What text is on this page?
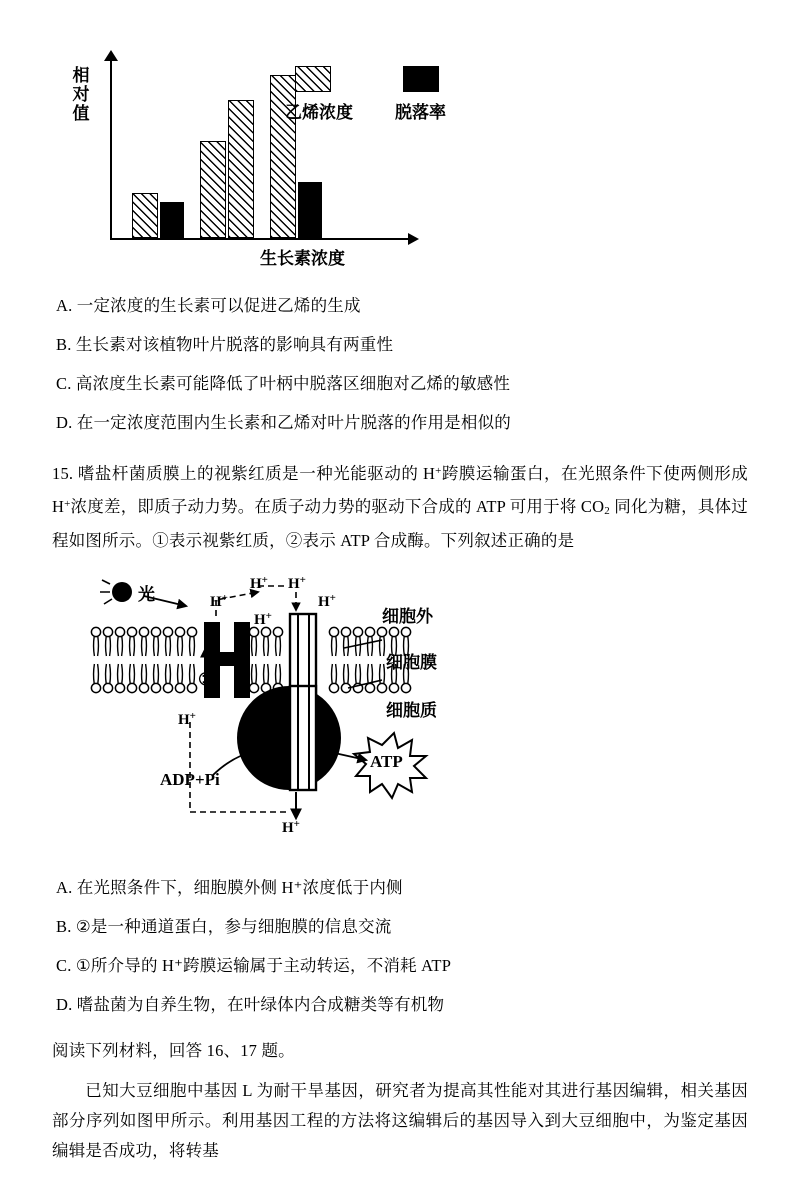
相对值
生长素浓度
乙烯浓度 脱落率
A. 一定浓度的生长素可以促进乙烯的生成
B. 生长素对该植物叶片脱落的影响具有两重性
C. 高浓度生长素可能降低了叶柄中脱落区细胞对乙烯的敏感性
D. 在一定浓度范围内生长素和乙烯对叶片脱落的作用是相似的
15. 嗜盐杆菌质膜上的视紫红质是一种光能驱动的 H+跨膜运输蛋白，在光照条件下使两侧形成 H+浓度差，即质子动力势。在质子动力势的驱动下合成的 ATP 可用于将 $CO_2$ 同化为糖，具体过程如图所示。①表示视紫红质，②表示 ATP 合成酶。下列叙述正确的是
光	H+
H+ H+
H+
H+
H+
H+
①
②
细胞外
细胞膜
细胞质
ADP+Pi
ATP
A. 在光照条件下，细胞膜外侧 H⁺浓度低于内侧
B. ②是一种通道蛋白，参与细胞膜的信息交流
C. ①所介导的 H⁺跨膜运输属于主动转运，不消耗 ATP
D. 嗜盐菌为自养生物，在叶绿体内合成糖类等有机物
阅读下列材料，回答 16、17 题。
已知大豆细胞中基因 L 为耐干旱基因，研究者为提高其性能对其进行基因编辑，相关基因部分序列如图甲所示。利用基因工程的方法将这编辑后的基因导入到大豆细胞中，为鉴定基因编辑是否成功，将转基
